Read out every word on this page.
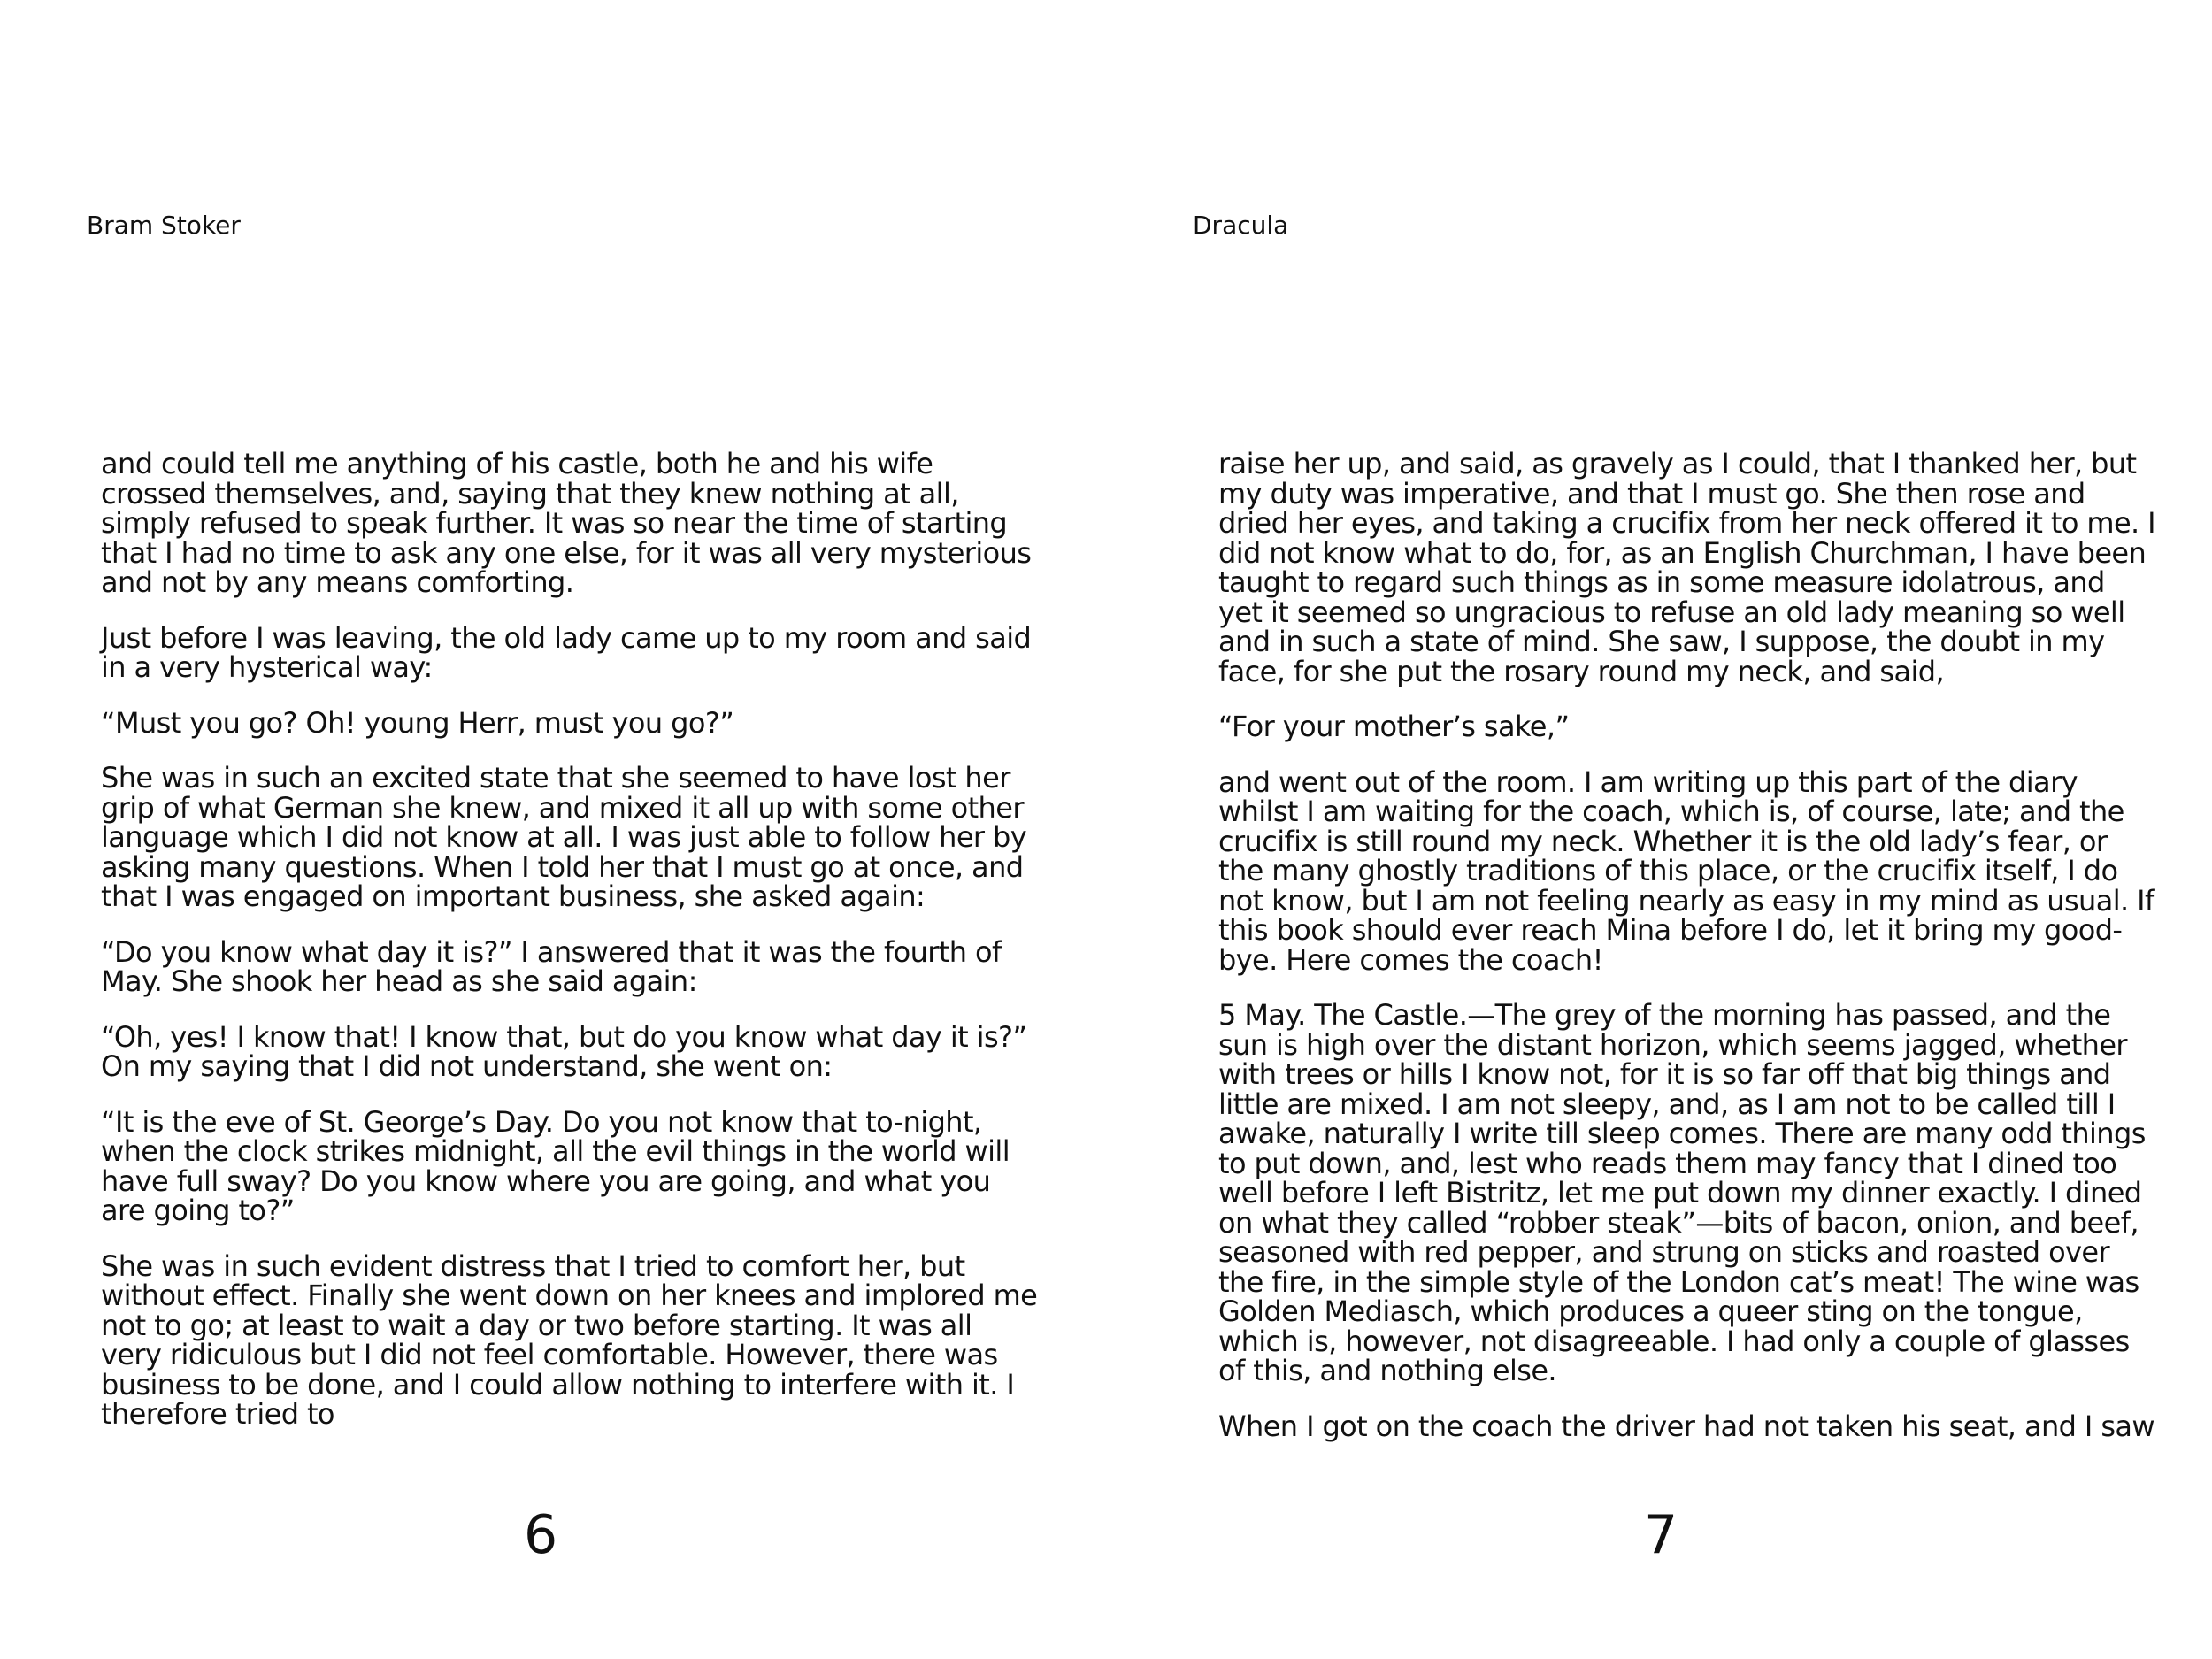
Bram Stoker

and could tell me anything of his castle, both he and his wife crossed themselves, and, saying that they knew nothing at all, simply refused to speak further. It was so near the time of starting that I had no time to ask any one else, for it was all very mysterious and not by any means comforting.

Just before I was leaving, the old lady came up to my room and said in a very hysterical way:

“Must you go? Oh! young Herr, must you go?”

She was in such an excited state that she seemed to have lost her grip of what German she knew, and mixed it all up with some other language which I did not know at all. I was just able to follow her by asking many questions. When I told her that I must go at once, and that I was engaged on important business, she asked again:

“Do you know what day it is?” I answered that it was the fourth of May. She shook her head as she said again:

“Oh, yes! I know that! I know that, but do you know what day it is?” On my saying that I did not understand, she went on:

“It is the eve of St. George’s Day. Do you not know that to-night, when the clock strikes midnight, all the evil things in the world will have full sway? Do you know where you are going, and what you are going to?”

She was in such evident distress that I tried to comfort her, but without effect. Finally she went down on her knees and implored me not to go; at least to wait a day or two before starting. It was all very ridiculous but I did not feel comfortable. However, there was business to be done, and I could allow nothing to interfere with it. I therefore tried to

6
Dracula

raise her up, and said, as gravely as I could, that I thanked her, but my duty was imperative, and that I must go. She then rose and dried her eyes, and taking a crucifix from her neck offered it to me. I did not know what to do, for, as an English Churchman, I have been taught to regard such things as in some measure idolatrous, and yet it seemed so ungracious to refuse an old lady meaning so well and in such a state of mind. She saw, I suppose, the doubt in my face, for she put the rosary round my neck, and said,

“For your mother’s sake,”

and went out of the room. I am writing up this part of the diary whilst I am waiting for the coach, which is, of course, late; and the crucifix is still round my neck. Whether it is the old lady’s fear, or the many ghostly traditions of this place, or the crucifix itself, I do not know, but I am not feeling nearly as easy in my mind as usual. If this book should ever reach Mina before I do, let it bring my good-bye. Here comes the coach!

5 May. The Castle.—The grey of the morning has passed, and the sun is high over the distant horizon, which seems jagged, whether with trees or hills I know not, for it is so far off that big things and little are mixed. I am not sleepy, and, as I am not to be called till I awake, naturally I write till sleep comes. There are many odd things to put down, and, lest who reads them may fancy that I dined too well before I left Bistritz, let me put down my dinner exactly. I dined on what they called “robber steak”—bits of bacon, onion, and beef, seasoned with red pepper, and strung on sticks and roasted over the fire, in the simple style of the London cat’s meat! The wine was Golden Mediasch, which produces a queer sting on the tongue, which is, however, not disagreeable. I had only a couple of glasses of this, and nothing else.

When I got on the coach the driver had not taken his seat, and I saw

7
